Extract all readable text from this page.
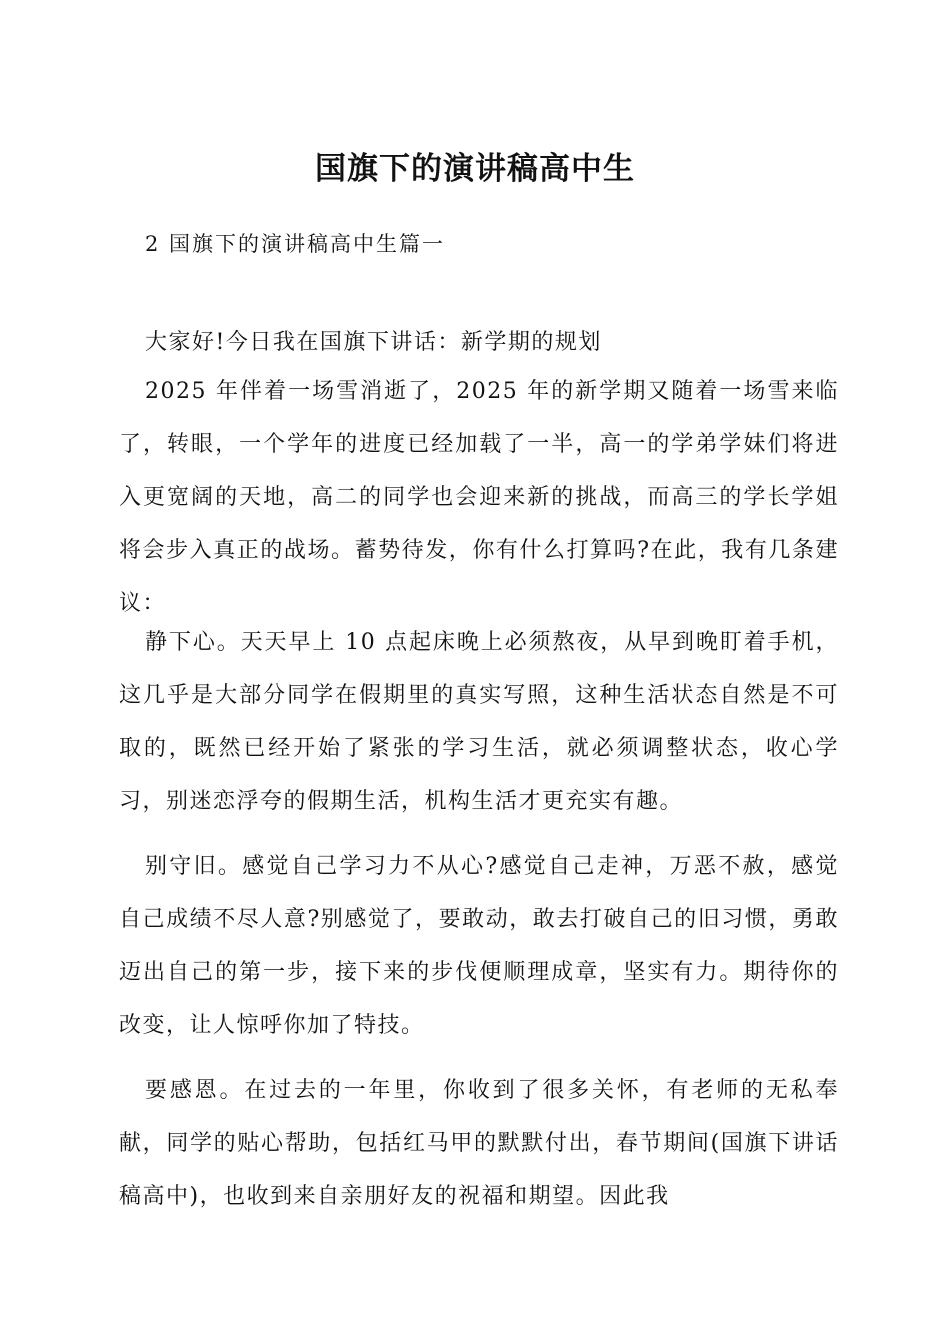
国旗下的演讲稿高中生

2 国旗下的演讲稿高中生篇一

大家好!今日我在国旗下讲话：新学期的规划

2025 年伴着一场雪消逝了，2025 年的新学期又随着一场雪来临了，转眼，一个学年的进度已经加载了一半，高一的学弟学妹们将进入更宽阔的天地，高二的同学也会迎来新的挑战，而高三的学长学姐将会步入真正的战场。蓄势待发，你有什么打算吗?在此，我有几条建议：

静下心。天天早上 10 点起床晚上必须熬夜，从早到晚盯着手机，这几乎是大部分同学在假期里的真实写照，这种生活状态自然是不可取的，既然已经开始了紧张的学习生活，就必须调整状态，收心学习，别迷恋浮夸的假期生活，机构生活才更充实有趣。

别守旧。感觉自己学习力不从心?感觉自己走神，万恶不赦，感觉自己成绩不尽人意?别感觉了，要敢动，敢去打破自己的旧习惯，勇敢迈出自己的第一步，接下来的步伐便顺理成章，坚实有力。期待你的改变，让人惊呼你加了特技。

要感恩。在过去的一年里，你收到了很多关怀，有老师的无私奉献，同学的贴心帮助，包括红马甲的默默付出，春节期间(国旗下讲话稿高中)，也收到来自亲朋好友的祝福和期望。因此我
